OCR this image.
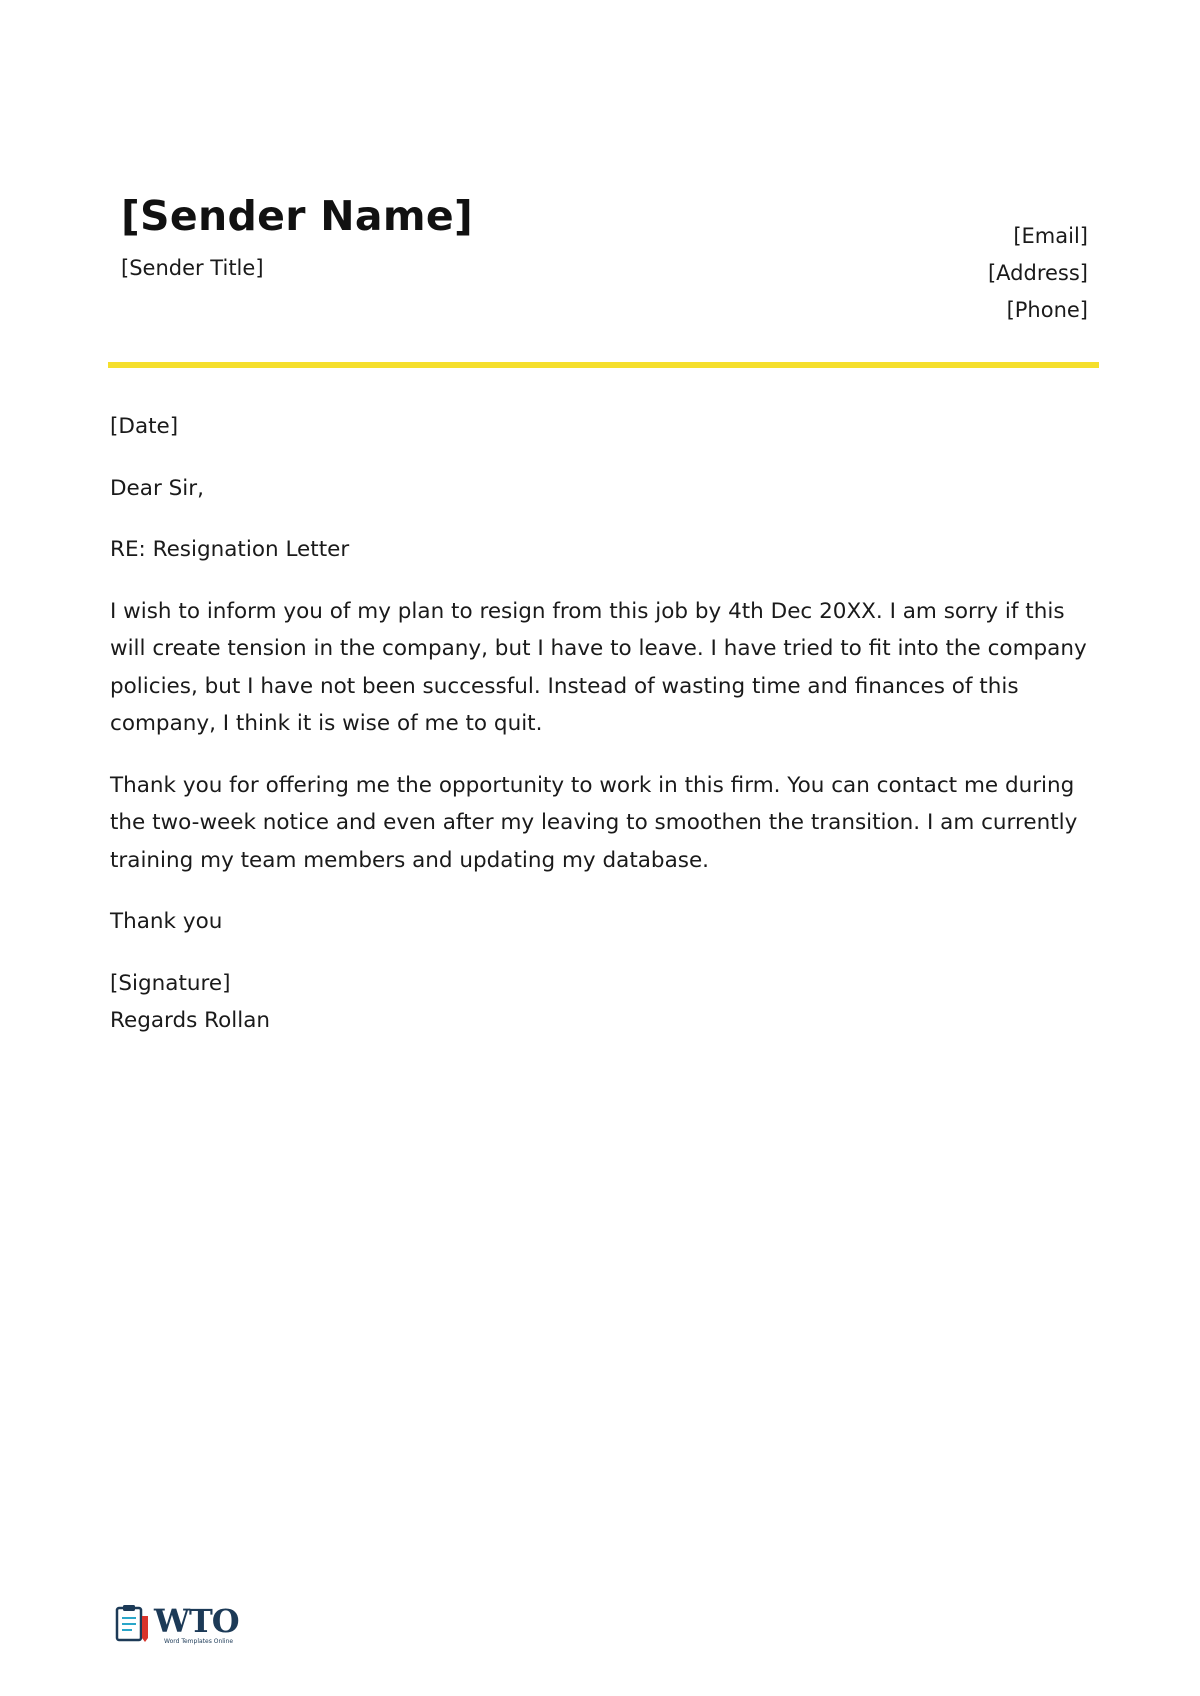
[Sender Name]
[Sender Title]
[Email]
[Address]
[Phone]

[Date]

Dear Sir,

RE: Resignation Letter

I wish to inform you of my plan to resign from this job by 4th Dec 20XX. I am sorry if this will create tension in the company, but I have to leave. I have tried to fit into the company policies, but I have not been successful. Instead of wasting time and finances of this company, I think it is wise of me to quit.

Thank you for offering me the opportunity to work in this firm. You can contact me during the two-week notice and even after my leaving to smoothen the transition. I am currently training my team members and updating my database.

Thank you

[Signature]

Regards Rollan

WTO
Word Templates Online
